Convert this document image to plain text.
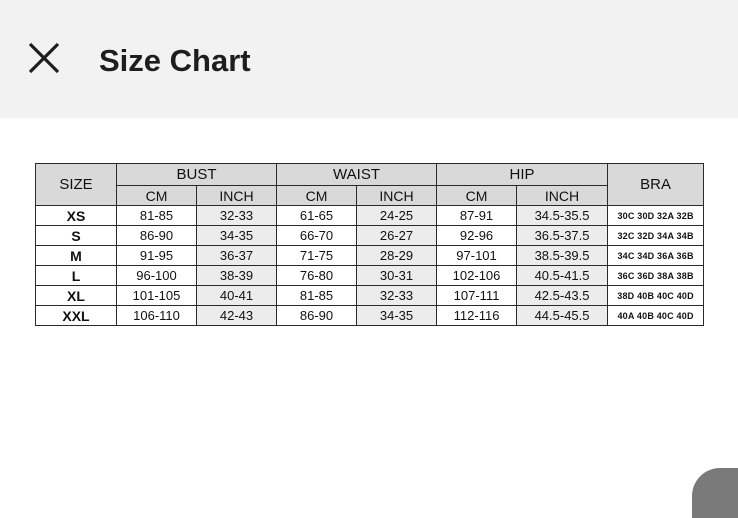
Size Chart
SIZE	BUST		WAIST		HIP		BRA
	CM	INCH	CM	INCH	CM	INCH	
XS	81-85	32-33	61-65	24-25	87-91	34.5-35.5	30C 30D 32A 32B
S	86-90	34-35	66-70	26-27	92-96	36.5-37.5	32C 32D 34A 34B
M	91-95	36-37	71-75	28-29	97-101	38.5-39.5	34C 34D 36A 36B
L	96-100	38-39	76-80	30-31	102-106	40.5-41.5	36C 36D 38A 38B
XL	101-105	40-41	81-85	32-33	107-111	42.5-43.5	38D 40B 40C 40D
XXL	106-110	42-43	86-90	34-35	112-116	44.5-45.5	40A 40B 40C 40D
